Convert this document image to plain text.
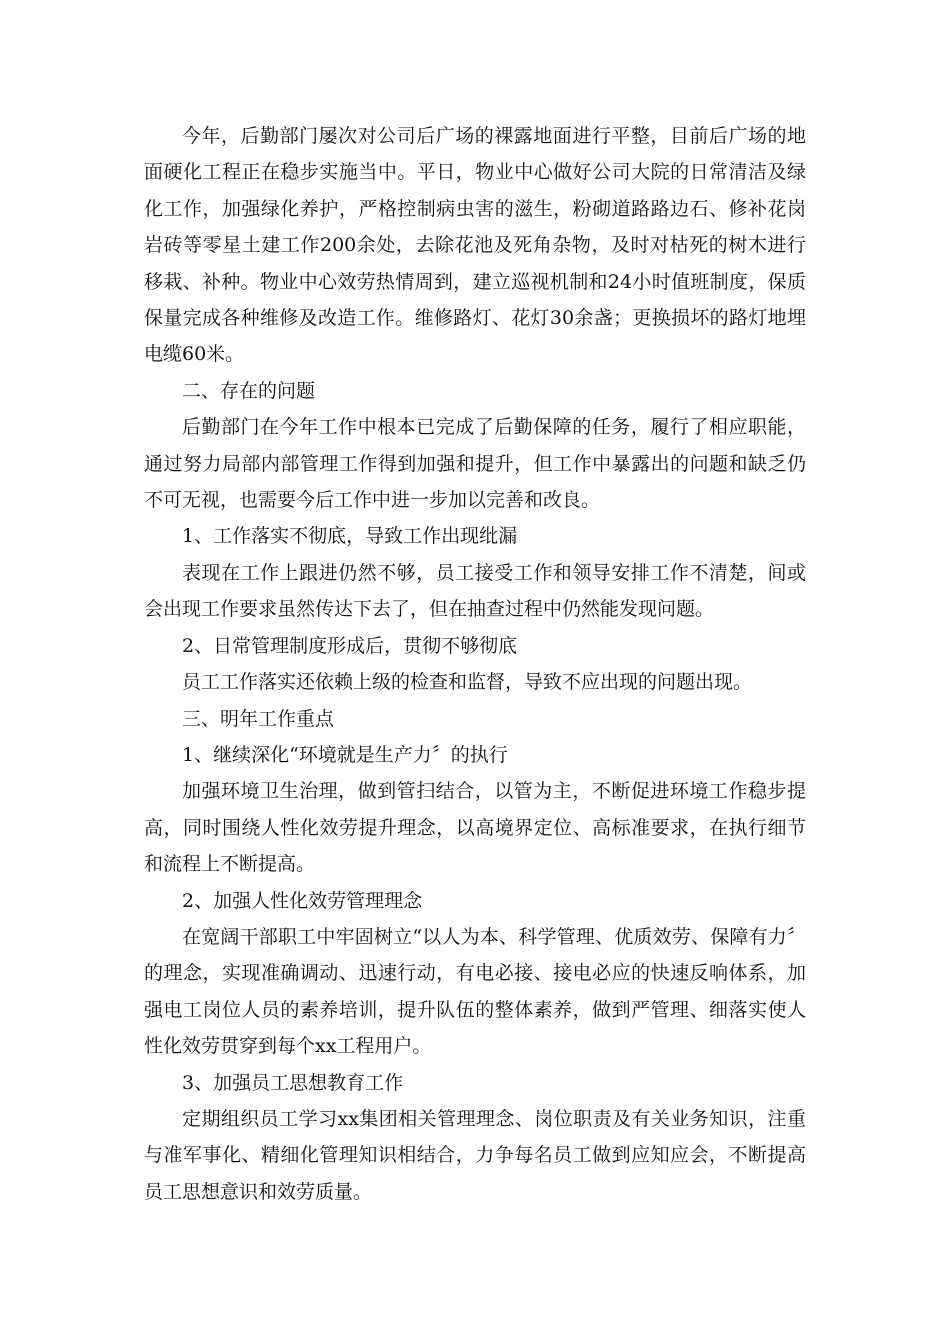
今年，后勤部门屡次对公司后广场的裸露地面进行平整，目前后广场的地面硬化工程正在稳步实施当中。平日，物业中心做好公司大院的日常清洁及绿化工作，加强绿化养护，严格控制病虫害的滋生，粉砌道路路边石、修补花岗岩砖等零星土建工作200余处，去除花池及死角杂物，及时对枯死的树木进行移栽、补种。物业中心效劳热情周到，建立巡视机制和24小时值班制度，保质保量完成各种维修及改造工作。维修路灯、花灯30余盏；更换损坏的路灯地埋电缆60米。

二、存在的问题

后勤部门在今年工作中根本已完成了后勤保障的任务，履行了相应职能，通过努力局部内部管理工作得到加强和提升，但工作中暴露出的问题和缺乏仍不可无视，也需要今后工作中进一步加以完善和改良。

1、工作落实不彻底，导致工作出现纰漏

表现在工作上跟进仍然不够，员工接受工作和领导安排工作不清楚，间或会出现工作要求虽然传达下去了，但在抽查过程中仍然能发现问题。

2、日常管理制度形成后，贯彻不够彻底

员工工作落实还依赖上级的检查和监督，导致不应出现的问题出现。

三、明年工作重点

1、继续深化“环境就是生产力〞的执行

加强环境卫生治理，做到管扫结合，以管为主，不断促进环境工作稳步提高，同时围绕人性化效劳提升理念，以高境界定位、高标准要求，在执行细节和流程上不断提高。

2、加强人性化效劳管理理念

在宽阔干部职工中牢固树立“以人为本、科学管理、优质效劳、保障有力〞的理念，实现准确调动、迅速行动，有电必接、接电必应的快速反响体系，加强电工岗位人员的素养培训，提升队伍的整体素养，做到严管理、细落实使人性化效劳贯穿到每个xx工程用户。

3、加强员工思想教育工作

定期组织员工学习xx集团相关管理理念、岗位职责及有关业务知识，注重与准军事化、精细化管理知识相结合，力争每名员工做到应知应会，不断提高员工思想意识和效劳质量。
